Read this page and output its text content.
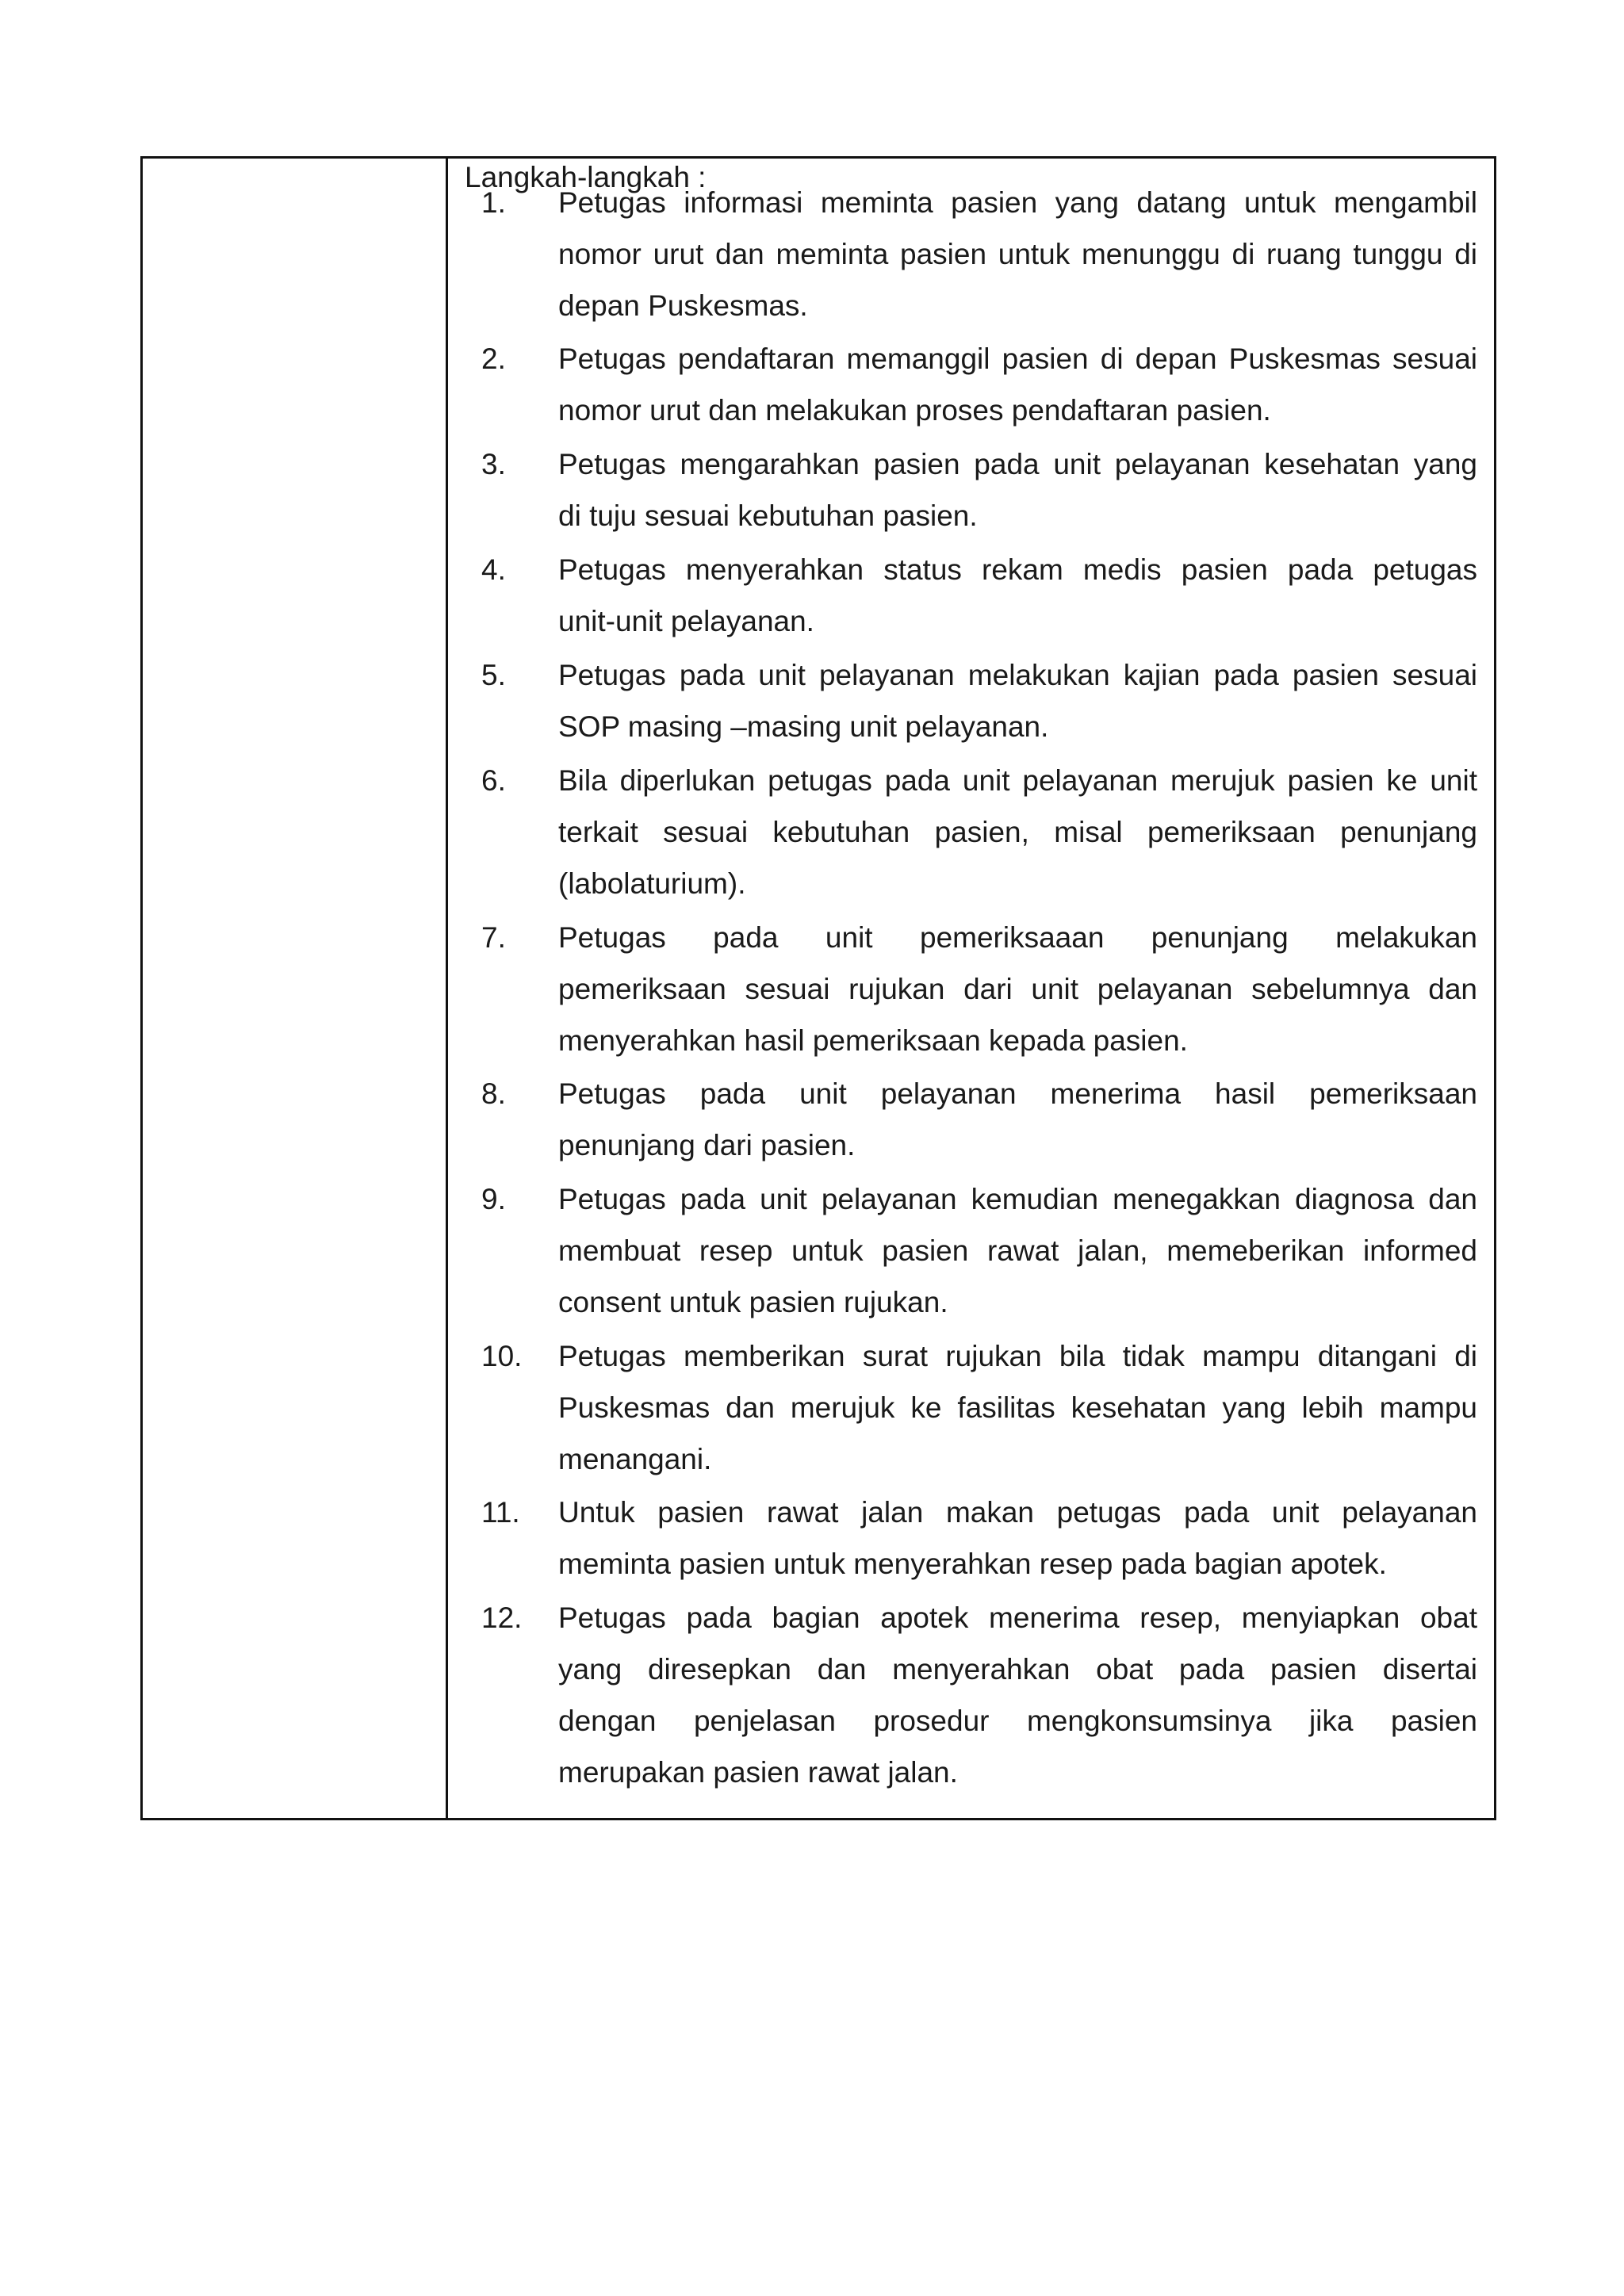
Langkah-langkah :
1. Petugas informasi meminta pasien yang datang untuk mengambil
nomor urut dan meminta pasien untuk menunggu di ruang tunggu di
depan Puskesmas.
2. Petugas pendaftaran memanggil pasien di depan Puskesmas sesuai
nomor urut dan melakukan proses pendaftaran pasien.
3. Petugas mengarahkan pasien pada unit pelayanan kesehatan yang
di tuju sesuai kebutuhan pasien.
4. Petugas menyerahkan status rekam medis pasien pada petugas
unit-unit pelayanan.
5. Petugas pada unit pelayanan melakukan kajian pada pasien sesuai
SOP masing –masing unit pelayanan.
6. Bila diperlukan petugas pada unit pelayanan merujuk pasien ke unit
terkait sesuai kebutuhan pasien, misal pemeriksaan penunjang
(labolaturium).
7. Petugas pada unit pemeriksaaan penunjang melakukan
pemeriksaan sesuai rujukan dari unit pelayanan sebelumnya dan
menyerahkan hasil pemeriksaan kepada pasien.
8. Petugas pada unit pelayanan menerima hasil pemeriksaan
penunjang dari pasien.
9. Petugas pada unit pelayanan kemudian menegakkan diagnosa dan
membuat resep untuk pasien rawat jalan, memeberikan informed
consent untuk pasien rujukan.
10. Petugas memberikan surat rujukan bila tidak mampu ditangani di
Puskesmas dan merujuk ke fasilitas kesehatan yang lebih mampu
menangani.
11. Untuk pasien rawat jalan makan petugas pada unit pelayanan
meminta pasien untuk menyerahkan resep pada bagian apotek.
12. Petugas pada bagian apotek menerima resep, menyiapkan obat
yang diresepkan dan menyerahkan obat pada pasien disertai
dengan penjelasan prosedur mengkonsumsinya jika pasien
merupakan pasien rawat jalan.
